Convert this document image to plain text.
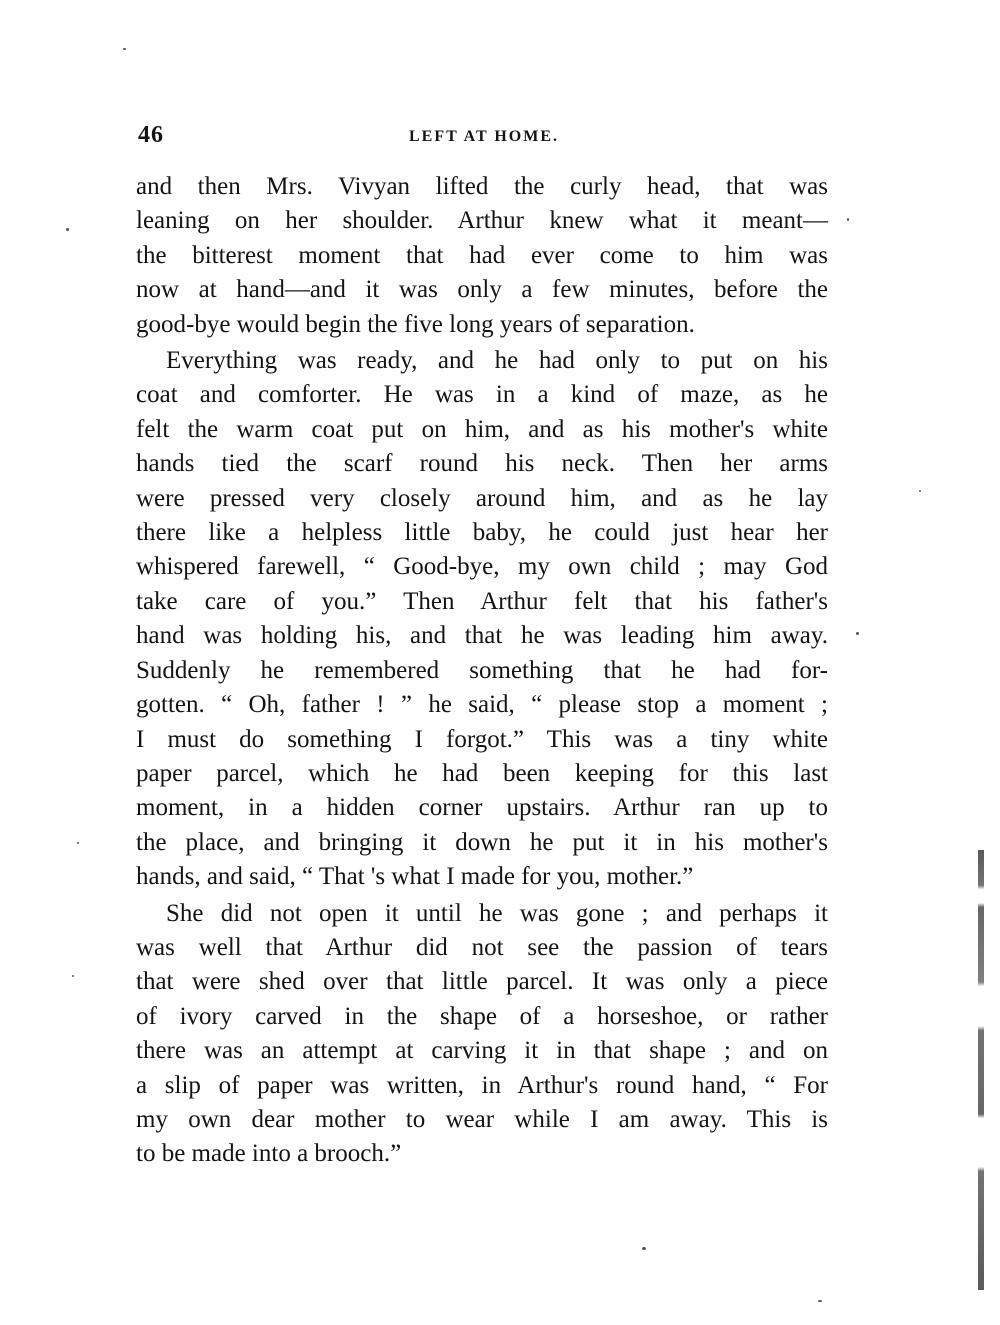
46	LEFT AT HOME.

and then Mrs. Vivyan lifted the curly head, that was
leaning on her shoulder. Arthur knew what it meant—
the bitterest moment that had ever come to him was
now at hand—and it was only a few minutes, before the
good-bye would begin the five long years of separation.

Everything was ready, and he had only to put on his
coat and comforter. He was in a kind of maze, as he
felt the warm coat put on him, and as his mother's white
hands tied the scarf round his neck. Then her arms
were pressed very closely around him, and as he lay
there like a helpless little baby, he could just hear her
whispered farewell, “ Good-bye, my own child ; may God
take care of you.” Then Arthur felt that his father's
hand was holding his, and that he was leading him away.
Suddenly he remembered something that he had for-
gotten. “ Oh, father ! ” he said, “ please stop a moment ;
I must do something I forgot.” This was a tiny white
paper parcel, which he had been keeping for this last
moment, in a hidden corner upstairs. Arthur ran up to
the place, and bringing it down he put it in his mother's
hands, and said, “ That 's what I made for you, mother.”

She did not open it until he was gone ; and perhaps it
was well that Arthur did not see the passion of tears
that were shed over that little parcel. It was only a piece
of ivory carved in the shape of a horseshoe, or rather
there was an attempt at carving it in that shape ; and on
a slip of paper was written, in Arthur's round hand, “ For
my own dear mother to wear while I am away. This is
to be made into a brooch.”
